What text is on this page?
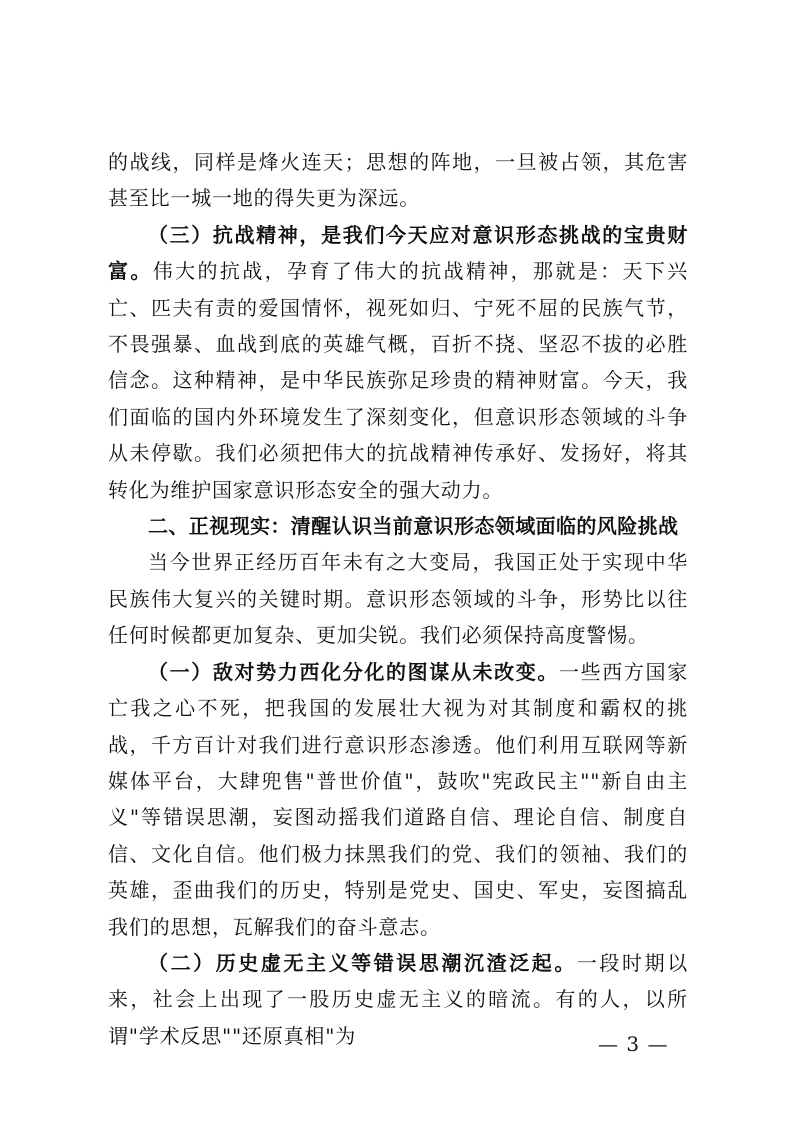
的战线，同样是烽火连天；思想的阵地，一旦被占领，其危害甚至比一城一地的得失更为深远。

（三）抗战精神，是我们今天应对意识形态挑战的宝贵财富。伟大的抗战，孕育了伟大的抗战精神，那就是：天下兴亡、匹夫有责的爱国情怀，视死如归、宁死不屈的民族气节，不畏强暴、血战到底的英雄气概，百折不挠、坚忍不拔的必胜信念。这种精神，是中华民族弥足珍贵的精神财富。今天，我们面临的国内外环境发生了深刻变化，但意识形态领域的斗争从未停歇。我们必须把伟大的抗战精神传承好、发扬好，将其转化为维护国家意识形态安全的强大动力。

二、正视现实：清醒认识当前意识形态领域面临的风险挑战

当今世界正经历百年未有之大变局，我国正处于实现中华民族伟大复兴的关键时期。意识形态领域的斗争，形势比以往任何时候都更加复杂、更加尖锐。我们必须保持高度警惕。

（一）敌对势力西化分化的图谋从未改变。一些西方国家亡我之心不死，把我国的发展壮大视为对其制度和霸权的挑战，千方百计对我们进行意识形态渗透。他们利用互联网等新媒体平台，大肆兜售"普世价值"，鼓吹"宪政民主""新自由主义"等错误思潮，妄图动摇我们道路自信、理论自信、制度自信、文化自信。他们极力抹黑我们的党、我们的领袖、我们的英雄，歪曲我们的历史，特别是党史、国史、军史，妄图搞乱我们的思想，瓦解我们的奋斗意志。

（二）历史虚无主义等错误思潮沉渣泛起。一段时期以来，社会上出现了一股历史虚无主义的暗流。有的人，以所谓"学术反思""还原真相"为	— 3 —
